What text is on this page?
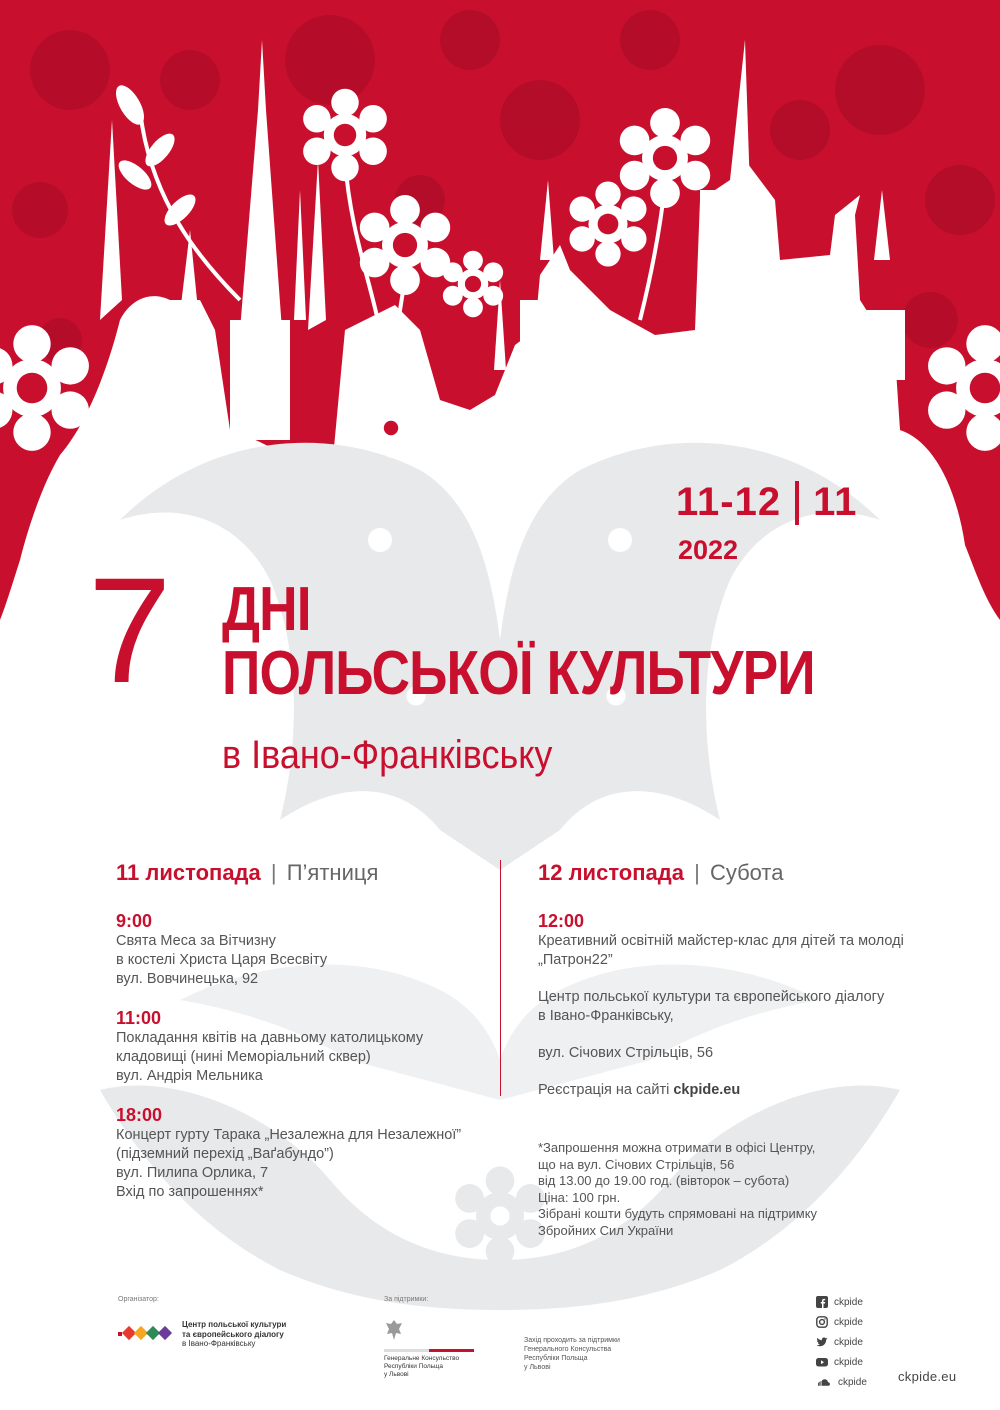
11-12 11
2022
7 ДНІ
ПОЛЬСЬКОЇ КУЛЬТУРИ
в Івано-Франківську
11 листопада | П’ятниця
9:00
Свята Меса за Вітчизну
в костелі Христа Царя Всесвіту
вул. Вовчинецька, 92
11:00
Покладання квітів на давньому католицькому
кладовищі (нині Меморіальний сквер)
вул. Андрія Мельника
18:00
Концерт гурту Тарака „Незалежна для Незалежної”
(підземний перехід „Ваґабундо”)
вул. Пилипа Орлика, 7
Вхід по запрошеннях*
12 листопада | Субота
12:00
Креативний освітній майстер-клас для дітей та молоді
„Патрон22”
Центр польської культури та європейського діалогу
в Івано-Франківську,
вул. Січових Стрільців, 56
Реєстрація на сайті ckpide.eu
*Запрошення можна отримати в офісі Центру,
що на вул. Січових Стрільців, 56
від 13.00 до 19.00 год. (вівторок – субота)
Ціна: 100 грн.
Зібрані кошти будуть спрямовані на підтримку
Збройних Сил України
Організатор:
Центр польської культури
та європейського діалогу
в Івано-Франківську
За підтримки:
Генеральне Консульство
Республіки Польща
у Львові
Захід проходить за підтримки
Генерального Консульства
Республіки Польща
у Львові
ckpide
ckpide
ckpide
ckpide
ckpide ckpide.eu
